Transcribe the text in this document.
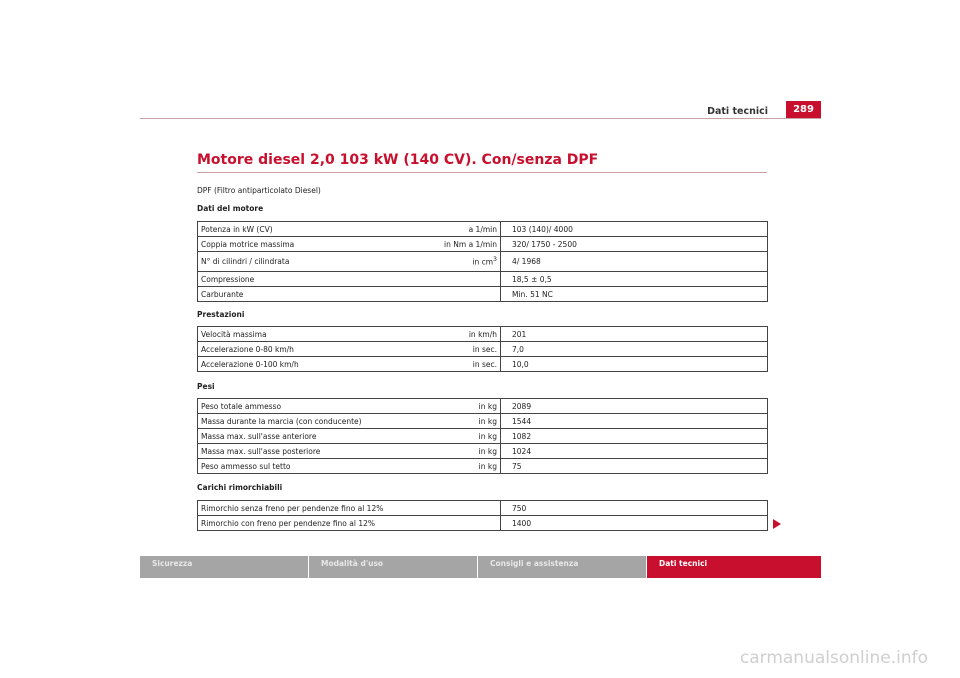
Dati tecnici	289
Motore diesel 2,0 103 kW (140 CV). Con/senza DPF
DPF (Filtro antiparticolato Diesel)
Dati del motore
Potenza in kW (CV)	a 1/min	103 (140)/ 4000
Coppia motrice massima	in Nm a 1/min	320/ 1750 - 2500
N° di cilindri / cilindrata	in $cm^3$	4/ 1968
Compressione		18,5 ± 0,5
Carburante		Min. 51 NC
Prestazioni
Velocità massima	in km/h	201
Accelerazione 0-80 km/h	in sec.	7,0
Accelerazione 0-100 km/h	in sec.	10,0
Pesi
Peso totale ammesso	in kg	2089
Massa durante la marcia (con conducente)	in kg	1544
Massa max. sull'asse anteriore	in kg	1082
Massa max. sull'asse posteriore	in kg	1024
Peso ammesso sul tetto	in kg	75
Carichi rimorchiabili
Rimorchio senza freno per pendenze fino al 12%		750
Rimorchio con freno per pendenze fino al 12%		1400
Sicurezza	Modalità d'uso	Consigli e assistenza	Dati tecnici
carmanualsonline.info
